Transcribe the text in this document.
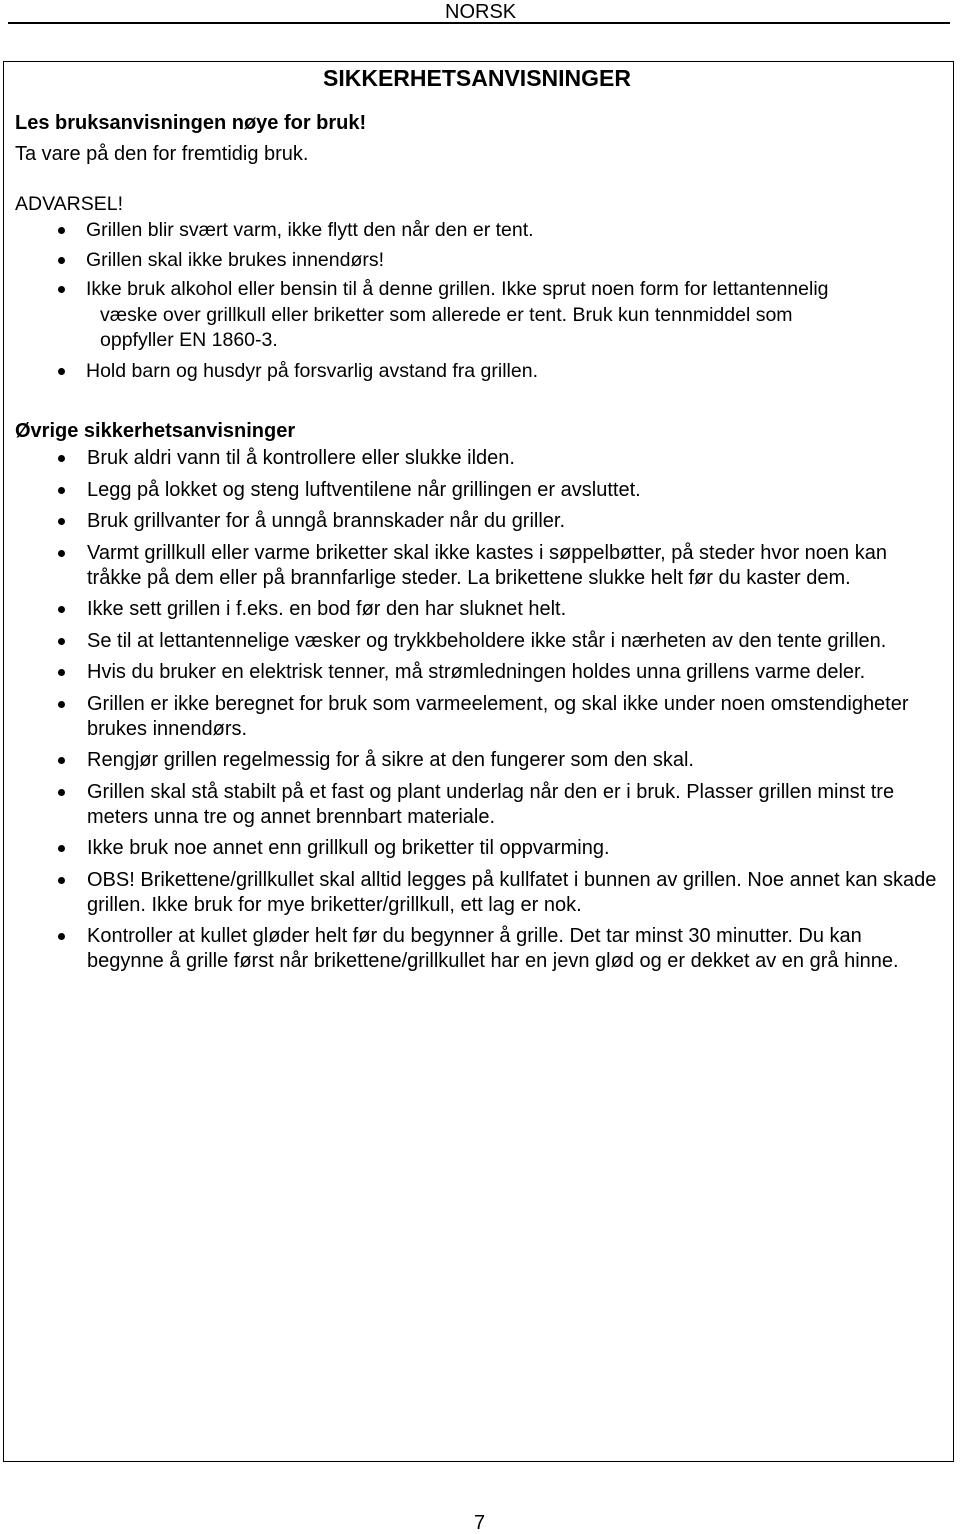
NORSK
SIKKERHETSANVISNINGER
Les bruksanvisningen nøye for bruk!
Ta vare på den for fremtidig bruk.
ADVARSEL!
Grillen blir svært varm, ikke flytt den når den er tent.
Grillen skal ikke brukes innendørs!
Ikke bruk alkohol eller bensin til å denne grillen. Ikke sprut noen form for lettantennelig
væske over grillkull eller briketter som allerede er tent. Bruk kun tennmiddel som
oppfyller EN 1860-3.
Hold barn og husdyr på forsvarlig avstand fra grillen.
Øvrige sikkerhetsanvisninger
Bruk aldri vann til å kontrollere eller slukke ilden.
Legg på lokket og steng luftventilene når grillingen er avsluttet.
Bruk grillvanter for å unngå brannskader når du griller.
Varmt grillkull eller varme briketter skal ikke kastes i søppelbøtter, på steder hvor noen kan tråkke på dem eller på brannfarlige steder. La brikettene slukke helt før du kaster dem.
Ikke sett grillen i f.eks. en bod før den har sluknet helt.
Se til at lettantennelige væsker og trykkbeholdere ikke står i nærheten av den tente grillen.
Hvis du bruker en elektrisk tenner, må strømledningen holdes unna grillens varme deler.
Grillen er ikke beregnet for bruk som varmeelement, og skal ikke under noen omstendigheter brukes innendørs.
Rengjør grillen regelmessig for å sikre at den fungerer som den skal.
Grillen skal stå stabilt på et fast og plant underlag når den er i bruk. Plasser grillen minst tre meters unna tre og annet brennbart materiale.
Ikke bruk noe annet enn grillkull og briketter til oppvarming.
OBS! Brikettene/grillkullet skal alltid legges på kullfatet i bunnen av grillen. Noe annet kan skade grillen. Ikke bruk for mye briketter/grillkull, ett lag er nok.
Kontroller at kullet gløder helt før du begynner å grille. Det tar minst 30 minutter. Du kan begynne å grille først når brikettene/grillkullet har en jevn glød og er dekket av en grå hinne.
7
